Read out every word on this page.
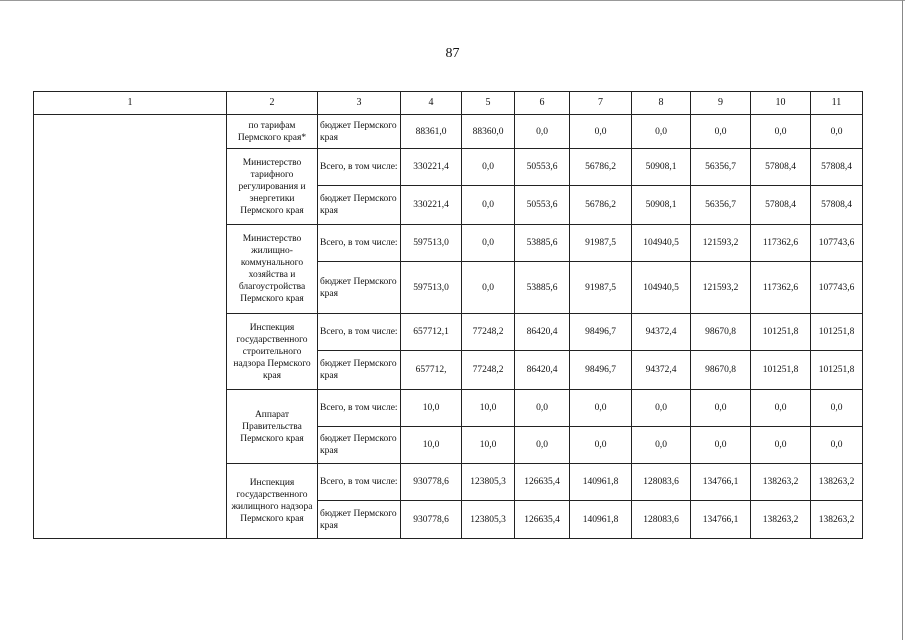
87
1	2	3	4	5	6	7	8	9	10	11
	по тарифам Пермского края*	бюджет Пермского края	88361,0	88360,0	0,0	0,0	0,0	0,0	0,0	0,0
	Министерство тарифного регулирования и энергетики Пермского края	Всего, в том числе:	330221,4	0,0	50553,6	56786,2	50908,1	56356,7	57808,4	57808,4
		бюджет Пермского края	330221,4	0,0	50553,6	56786,2	50908,1	56356,7	57808,4	57808,4
	Министерство жилищно-коммунального хозяйства и благоустройства Пермского края	Всего, в том числе:	597513,0	0,0	53885,6	91987,5	104940,5	121593,2	117362,6	107743,6
		бюджет Пермского края	597513,0	0,0	53885,6	91987,5	104940,5	121593,2	117362,6	107743,6
	Инспекция государственного строительного надзора Пермского края	Всего, в том числе:	657712,1	77248,2	86420,4	98496,7	94372,4	98670,8	101251,8	101251,8
		бюджет Пермского края	657712,	77248,2	86420,4	98496,7	94372,4	98670,8	101251,8	101251,8
	Аппарат Правительства Пермского края	Всего, в том числе:	10,0	10,0	0,0	0,0	0,0	0,0	0,0	0,0
		бюджет Пермского края	10,0	10,0	0,0	0,0	0,0	0,0	0,0	0,0
	Инспекция государственного жилищного надзора Пермского края	Всего, в том числе:	930778,6	123805,3	126635,4	140961,8	128083,6	134766,1	138263,2	138263,2
		бюджет Пермского края	930778,6	123805,3	126635,4	140961,8	128083,6	134766,1	138263,2	138263,2
